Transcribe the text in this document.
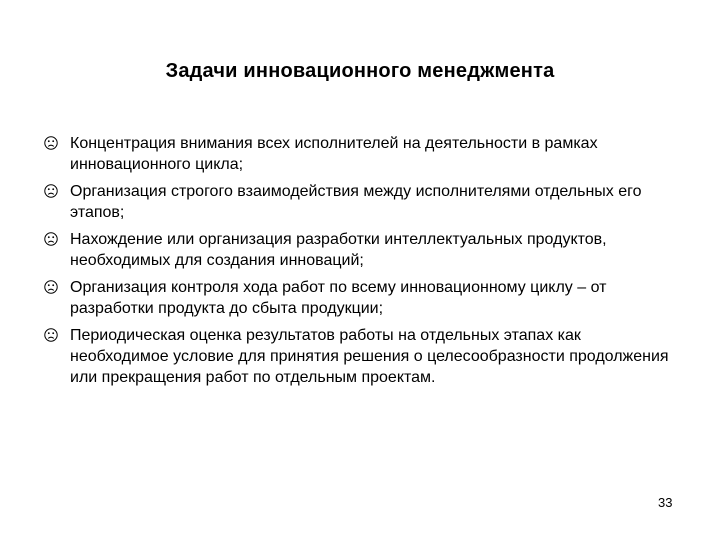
Задачи инновационного менеджмента
Концентрация внимания всех исполнителей на деятельности в рамках инновационного цикла;
Организация строгого взаимодействия между исполнителями отдельных его этапов;
Нахождение или организация разработки интеллектуальных продуктов, необходимых для создания инноваций;
Организация контроля хода работ по всему инновационному циклу – от разработки продукта до сбыта продукции;
Периодическая оценка результатов работы на отдельных этапах как необходимое условие для принятия решения о целесообразности продолжения или прекращения работ по отдельным проектам.
33
